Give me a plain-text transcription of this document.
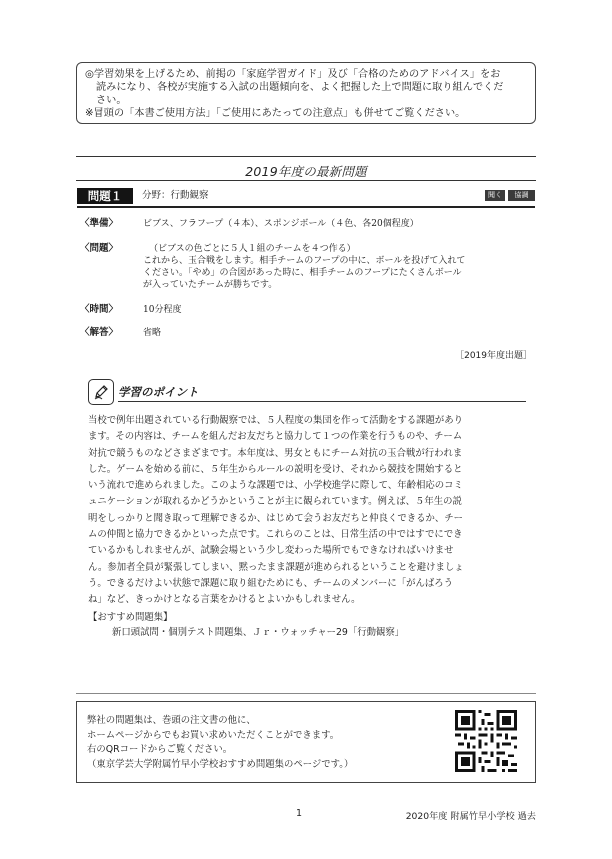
◎学習効果を上げるため、前掲の「家庭学習ガイド」及び「合格のためのアドバイス」をお

読みになり、各校が実施する入試の出題傾向を、よく把握した上で問題に取り組んでくだ

さい。

※冒頭の「本書ご使用方法」「ご使用にあたっての注意点」も併せてご覧ください。

2019年度の最新問題
問題１	分野：行動観察	聞く	協調
〈準備〉	ビブス、フラフープ（４本）、スポンジボール（４色、各20個程度）
〈問題〉	（ビブスの色ごとに５人１組のチームを４つ作る）

これから、玉合戦をします。相手チームのフープの中に、ボールを投げて入れて

ください。「やめ」の合図があった時に、相手チームのフープにたくさんボール

が入っていたチームが勝ちです。

〈時間〉	10分程度
〈解答〉	省略
［2019年度出題］
学習のポイント

当校で例年出題されている行動観察では、５人程度の集団を作って活動をする課題があり

ます。その内容は、チームを組んだお友だちと協力して１つの作業を行うものや、チーム

対抗で競うものなどさまざまです。本年度は、男女ともにチーム対抗の玉合戦が行われま

した。ゲームを始める前に、５年生からルールの説明を受け、それから競技を開始すると

いう流れで進められました。このような課題では、小学校進学に際して、年齢相応のコミ

ュニケーションが取れるかどうかということが主に観られています。例えば、５年生の説

明をしっかりと聞き取って理解できるか、はじめて会うお友だちと仲良くできるか、チー

ムの仲間と協力できるかといった点です。これらのことは、日常生活の中ではすでにでき

ているかもしれませんが、試験会場という少し変わった場所でもできなければいけませ

ん。参加者全員が緊張してしまい、黙ったまま課題が進められるということを避けましょ

う。できるだけよい状態で課題に取り組むためにも、チームのメンバーに「がんばろう

ね」など、きっかけとなる言葉をかけるとよいかもしれません。

【おすすめ問題集】

新口頭試問・個別テスト問題集、Ｊｒ・ウォッチャー29「行動観察」

弊社の問題集は、巻頭の注文書の他に、

ホームページからでもお買い求めいただくことができます。

右のQRコードからご覧ください。

（東京学芸大学附属竹早小学校おすすめ問題集のページです。）

1	2020年度 附属竹早小学校 過去
